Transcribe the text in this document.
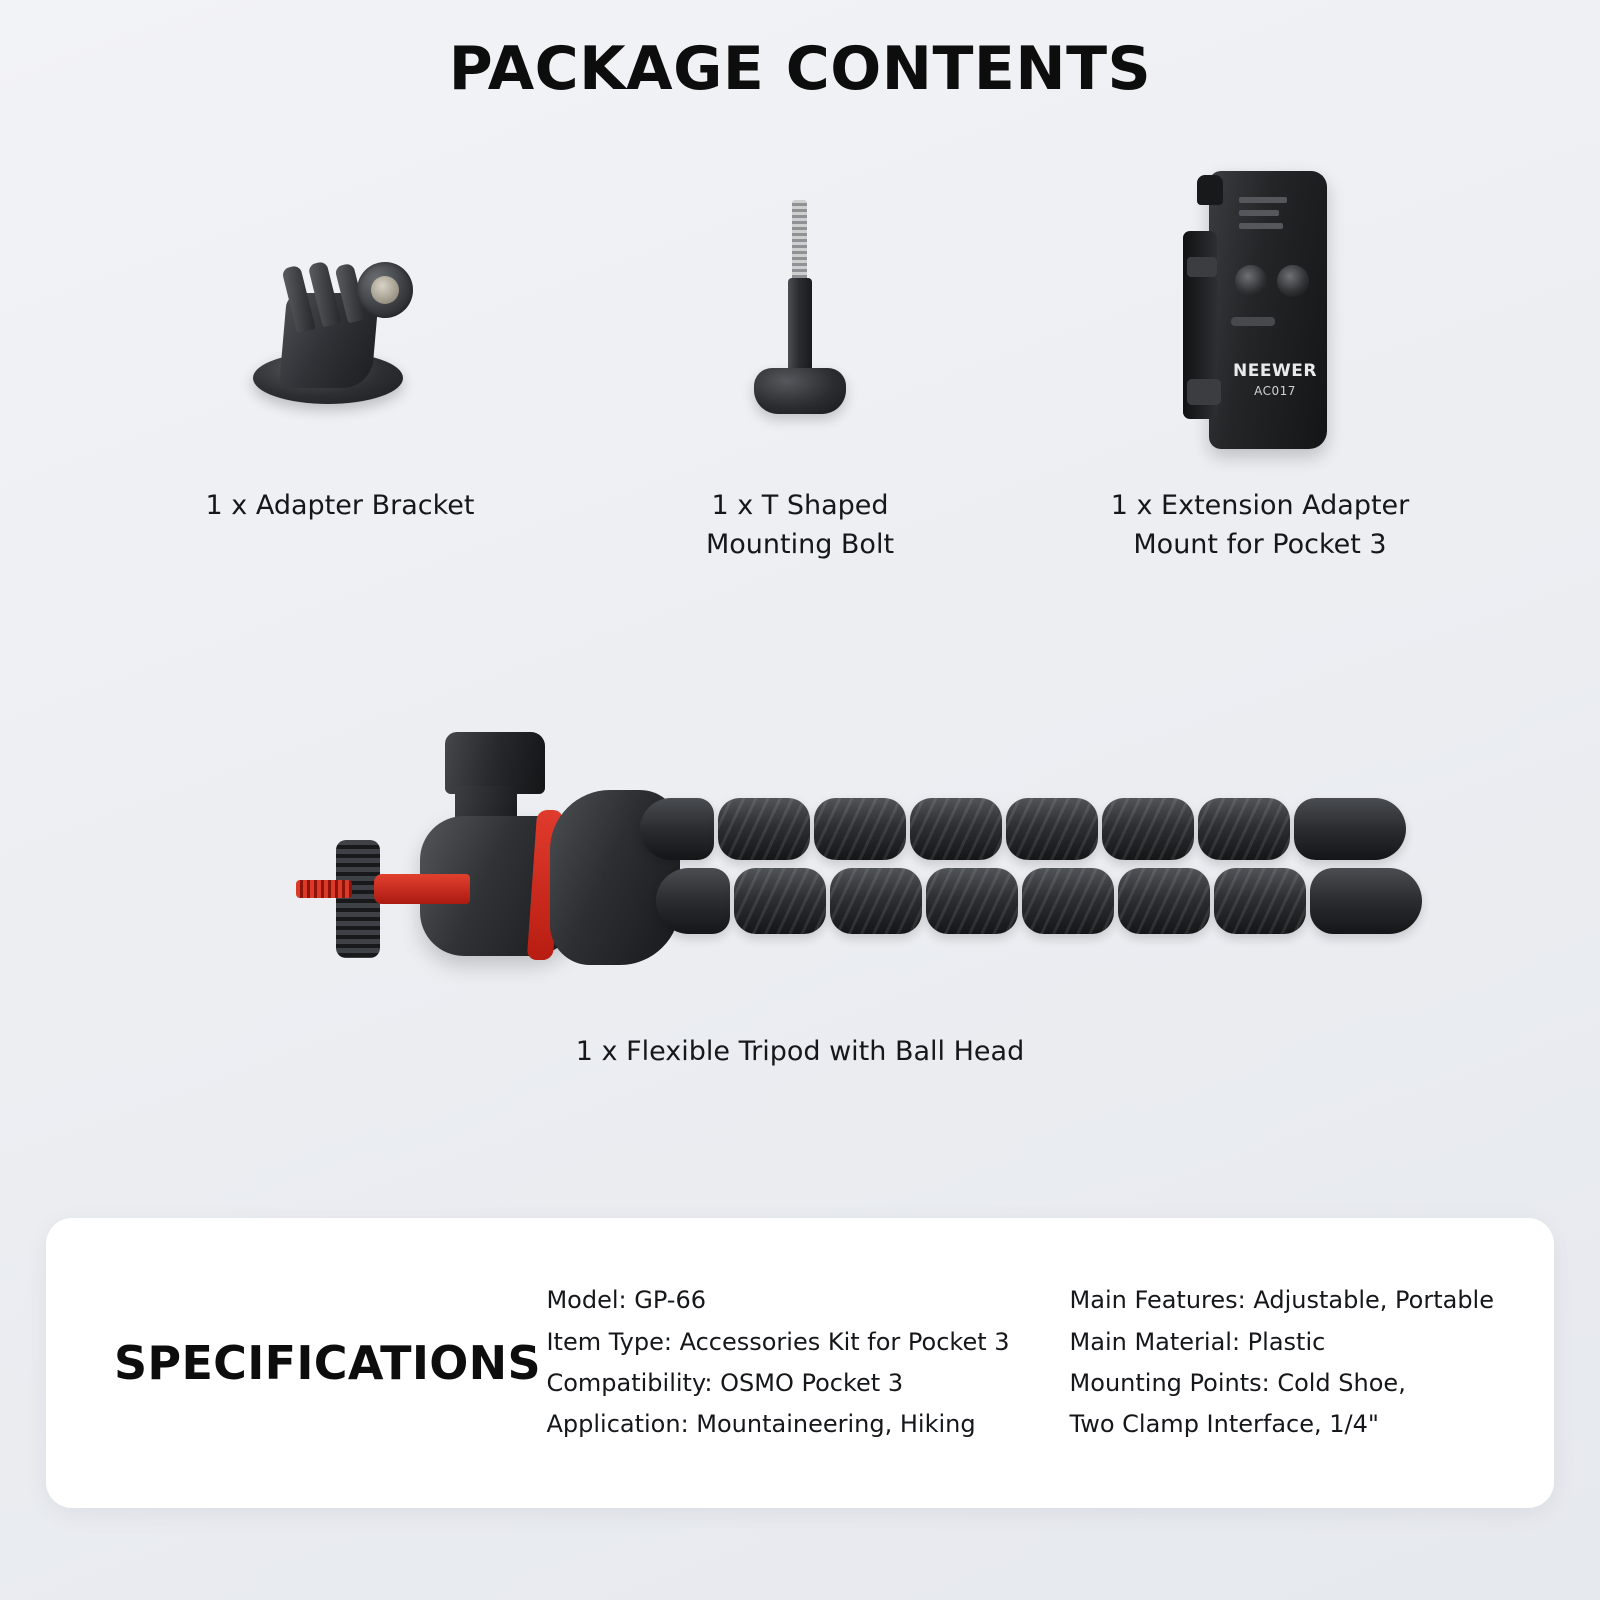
PACKAGE CONTENTS
1 x Adapter Bracket	1 x T Shaped
Mounting Bolt
NEEWER
AC017
1 x Extension Adapter
Mount for Pocket 3
1 x Flexible Tripod with Ball Head
SPECIFICATIONS
Model: GP-66
Item Type: Accessories Kit for Pocket 3
Compatibility: OSMO Pocket 3
Application: Mountaineering, Hiking
Main Features: Adjustable, Portable
Main Material: Plastic
Mounting Points: Cold Shoe,
Two Clamp Interface, 1/4"
